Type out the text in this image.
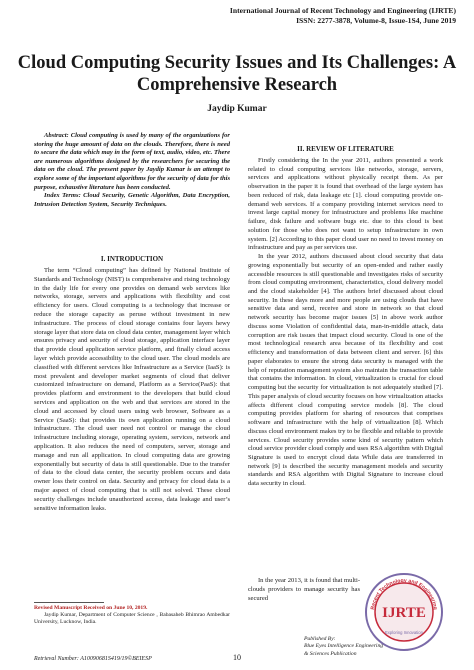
International Journal of Recent Technology and Engineering (IJRTE)
ISSN: 2277-3878, Volume-8, Issue-1S4, June 2019
Cloud Computing Security Issues and Its Challenges: A Comprehensive Research
Jaydip Kumar

Abstract: Cloud computing is used by many of the organizations for storing the huge amount of data on the clouds. Therefore, there is need to secure the data which may in the form of text, audio, video, etc. There are numerous algorithms designed by the researchers for securing the data on the cloud. The present paper by Jaydip Kumar is an attempt to explore some of the important algorithms for the security of data for this purpose, exhaustive literature has been conducted.

Index Terms: Cloud Security, Genetic Algorithm, Data Encryption, Intrusion Detection System, Security Techniques.

I. INTRODUCTION

The term “Cloud computing” has defined by National Institute of Standards and Technology (NIST) is comprehensive and rising technology in the daily life for every one provides on demand web services like networks, storage, servers and applications with flexibility and cost efficiency for users. Cloud computing is a technology that increase or reduce the storage capacity as peruse without investment in new infrastructure. The process of cloud storage contains four layers hewy storage layer that store data on cloud data center, management layer which ensures privacy and security of cloud storage, application interface layer that provide cloud application service platform, and finally cloud access layer which provide accessibility to the cloud user. The cloud models are classified with different services like Infrastructure as a Service (IaaS): is most prevalent and developer market segments of cloud that deliver customized infrastructure on demand, Platform as a Service(PaaS): that provides platform and environment to the developers that build cloud services and application on the web and that services are stored in the cloud and accessed by cloud users using web browser, Software as a Service (SaaS): that provides its own application running on a cloud infrastructure. The cloud user need not control or manage the cloud infrastructure including storage, operating system, services, network and application. It also reduces the need of computers, server, storage and manage and run all application. In cloud computing data are growing exponentially but security of data is still questionable. Due to the transfer of data to the cloud data center, the security problem occurs and data owner loss their control on data. Security and privacy for cloud data is a major aspect of cloud computing that is still not solved. These cloud security challenges include unauthorized access, data leakage and user’s sensitive information leaks.

II. REVIEW OF LITERATURE

Firstly considering the In the year 2011, authors presented a work related to cloud computing services like networks, storage, servers, services and applications without physically receipt them. As per observation in the paper it is found that overhead of the large system has been reduced of risk, data leakage etc [1]. cloud computing provide on-demand web services. If a company providing internet services need to invest large capital money for infrastructure and problems like machine failure, disk failure and software bugs etc. due to this cloud is best solution for those who does not want to setup infrastructure in own system. [2] According to this paper cloud user no need to invest money on infrastructure and pay as per services use.

In the year 2012, authors discussed about cloud security that data growing exponentially but security of an open-ended and rather easily accessible resources is still questionable and investigates risks of security from cloud computing environment, characteristics, cloud delivery model and the cloud stakeholder [4]. The authors brief discussed about cloud security. In these days more and more people are using clouds that have sensitive data and send, receive and store in network so that cloud network security has become major issues [5] in above work author discuss some Violation of confidential data, man-in-middle attack, data corruption are risk issues that impact cloud security. Cloud is one of the most technological research area because of its flexibility and cost efficiency and transformation of data between client and server. [6] this paper elaborates to ensure the strong data security is managed with the help of reputation management system also maintain the transaction table that contains the information. In cloud, virtualization is crucial for cloud computing but the security for virtualization is not adequately studied [7]. This paper analysis of cloud security focuses on how virtualization attacks affects different cloud computing service models [8]. The cloud computing provides platform for sharing of resources that comprises software and infrastructure with the help of virtualization [8]. Which discuss cloud environment makes try to be flexible and reliable to provide services. Cloud security provides some kind of security pattern which cloud service provider cloud comply and uses RSA algorithm with Digital Signature is used to encrypt cloud data While data are transferred in network [9] is described the security management models and security standards and RSA algorithm with Digital Signature to increase cloud data security in cloud.

In the year 2013, it is found that multi-clouds providers to manage security has secured

Revised Manuscript Received on June 10, 2019.
Jaydip Kumar, Department of Computer Science , Babasaheb Bhimrao Ambedkar University, Lucknow, India.
Retrieval Number: A10090681S419/19©BEIESP	10
Published By:
Blue Eyes Intelligence Engineering
& Sciences Publication
Recent Technology and Engineering
IJRTE
Exploring Innovation
